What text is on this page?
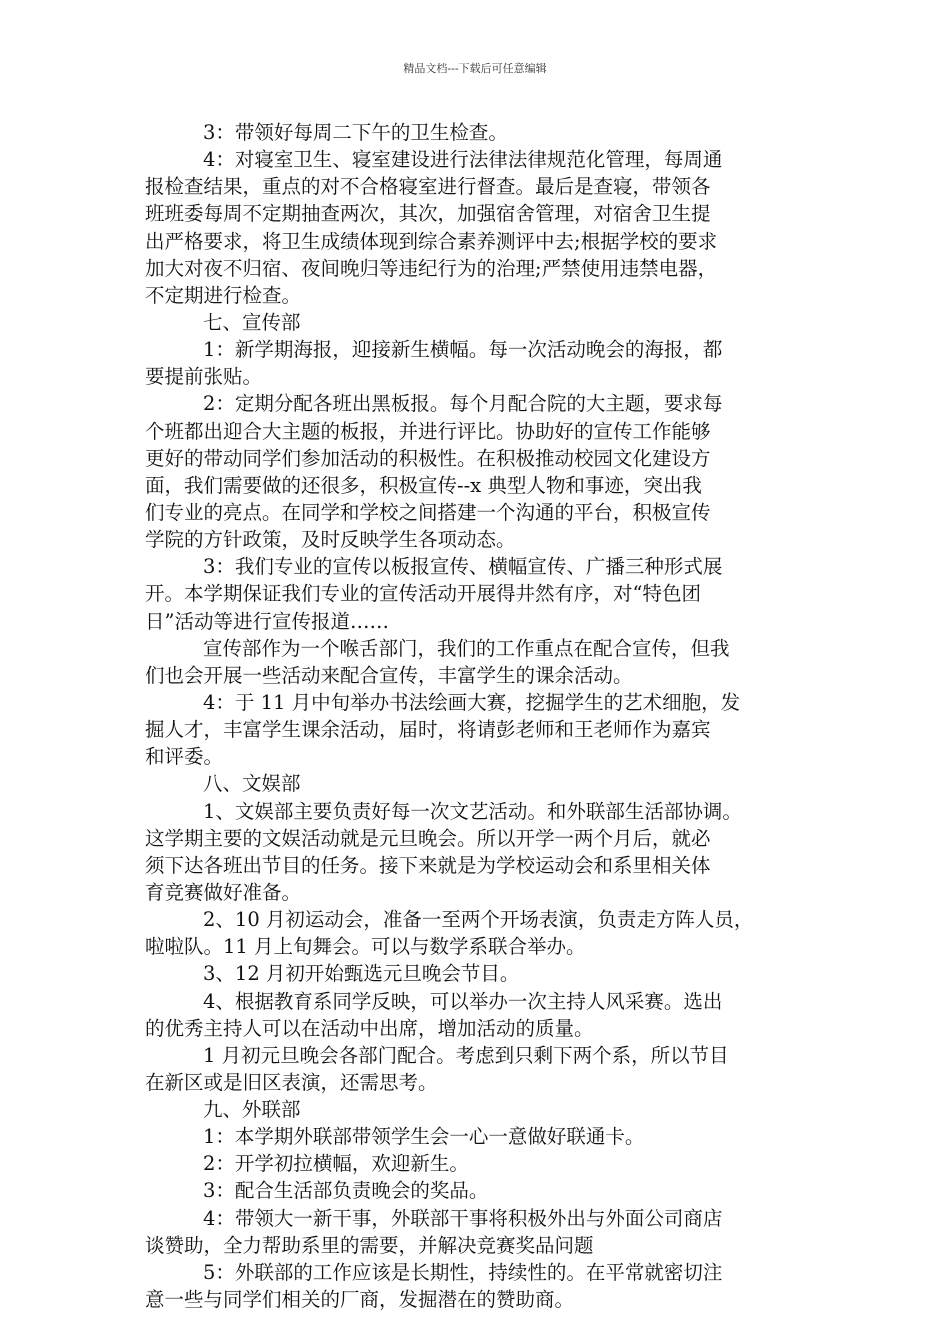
精品文档---下载后可任意编辑
3：带领好每周二下午的卫生检查。
4：对寝室卫生、寝室建设进行法律法律规范化管理，每周通
报检查结果，重点的对不合格寝室进行督查。最后是查寝，带领各
班班委每周不定期抽查两次，其次，加强宿舍管理，对宿舍卫生提
出严格要求，将卫生成绩体现到综合素养测评中去;根据学校的要求
加大对夜不归宿、夜间晚归等违纪行为的治理;严禁使用违禁电器，
不定期进行检查。
七、宣传部
1：新学期海报，迎接新生横幅。每一次活动晚会的海报，都
要提前张贴。
2：定期分配各班出黑板报。每个月配合院的大主题，要求每
个班都出迎合大主题的板报，并进行评比。协助好的宣传工作能够
更好的带动同学们参加活动的积极性。在积极推动校园文化建设方
面，我们需要做的还很多，积极宣传--x 典型人物和事迹，突出我
们专业的亮点。在同学和学校之间搭建一个沟通的平台，积极宣传
学院的方针政策，及时反映学生各项动态。
3：我们专业的宣传以板报宣传、横幅宣传、广播三种形式展
开。本学期保证我们专业的宣传活动开展得井然有序，对“特色团
日”活动等进行宣传报道……
宣传部作为一个喉舌部门，我们的工作重点在配合宣传，但我
们也会开展一些活动来配合宣传，丰富学生的课余活动。
4：于 11 月中旬举办书法绘画大赛，挖掘学生的艺术细胞，发
掘人才，丰富学生课余活动，届时，将请彭老师和王老师作为嘉宾
和评委。
八、文娱部
1、文娱部主要负责好每一次文艺活动。和外联部生活部协调。
这学期主要的文娱活动就是元旦晚会。所以开学一两个月后，就必
须下达各班出节目的任务。接下来就是为学校运动会和系里相关体
育竞赛做好准备。
2、10 月初运动会，准备一至两个开场表演，负责走方阵人员，
啦啦队。11 月上旬舞会。可以与数学系联合举办。
3、12 月初开始甄选元旦晚会节目。
4、根据教育系同学反映，可以举办一次主持人风采赛。选出
的优秀主持人可以在活动中出席，增加活动的质量。
1 月初元旦晚会各部门配合。考虑到只剩下两个系，所以节目
在新区或是旧区表演，还需思考。
九、外联部
1：本学期外联部带领学生会一心一意做好联通卡。
2：开学初拉横幅，欢迎新生。
3：配合生活部负责晚会的奖品。
4：带领大一新干事，外联部干事将积极外出与外面公司商店
谈赞助，全力帮助系里的需要，并解决竞赛奖品问题
5：外联部的工作应该是长期性，持续性的。在平常就密切注
意一些与同学们相关的厂商，发掘潜在的赞助商。
